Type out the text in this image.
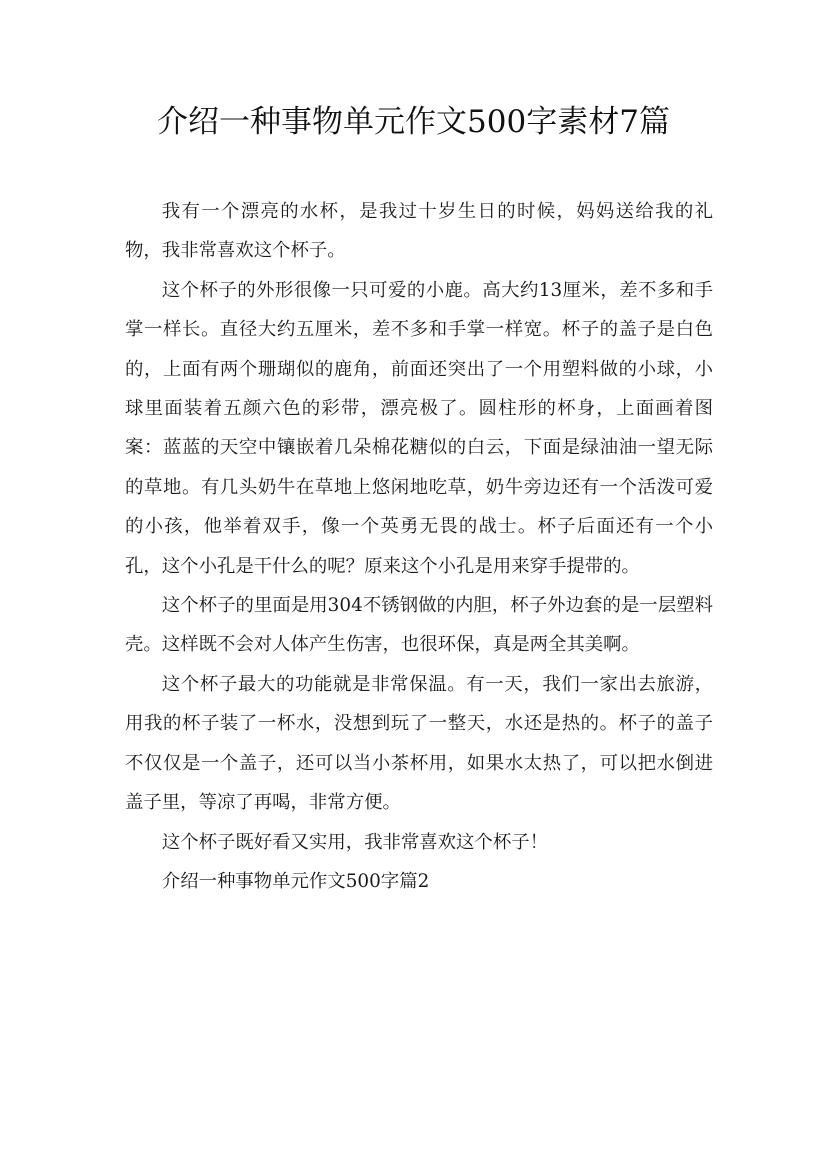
介绍一种事物单元作文500字素材7篇

我有一个漂亮的水杯，是我过十岁生日的时候，妈妈送给我的礼物，我非常喜欢这个杯子。

这个杯子的外形很像一只可爱的小鹿。高大约13厘米，差不多和手掌一样长。直径大约五厘米，差不多和手掌一样宽。杯子的盖子是白色的，上面有两个珊瑚似的鹿角，前面还突出了一个用塑料做的小球，小球里面装着五颜六色的彩带，漂亮极了。圆柱形的杯身，上面画着图案：蓝蓝的天空中镶嵌着几朵棉花糖似的白云，下面是绿油油一望无际的草地。有几头奶牛在草地上悠闲地吃草，奶牛旁边还有一个活泼可爱的小孩，他举着双手，像一个英勇无畏的战士。杯子后面还有一个小孔，这个小孔是干什么的呢？原来这个小孔是用来穿手提带的。

这个杯子的里面是用304不锈钢做的内胆，杯子外边套的是一层塑料壳。这样既不会对人体产生伤害，也很环保，真是两全其美啊。

这个杯子最大的功能就是非常保温。有一天，我们一家出去旅游，用我的杯子装了一杯水，没想到玩了一整天，水还是热的。杯子的盖子不仅仅是一个盖子，还可以当小茶杯用，如果水太热了，可以把水倒进盖子里，等凉了再喝，非常方便。

这个杯子既好看又实用，我非常喜欢这个杯子！

介绍一种事物单元作文500字篇2
